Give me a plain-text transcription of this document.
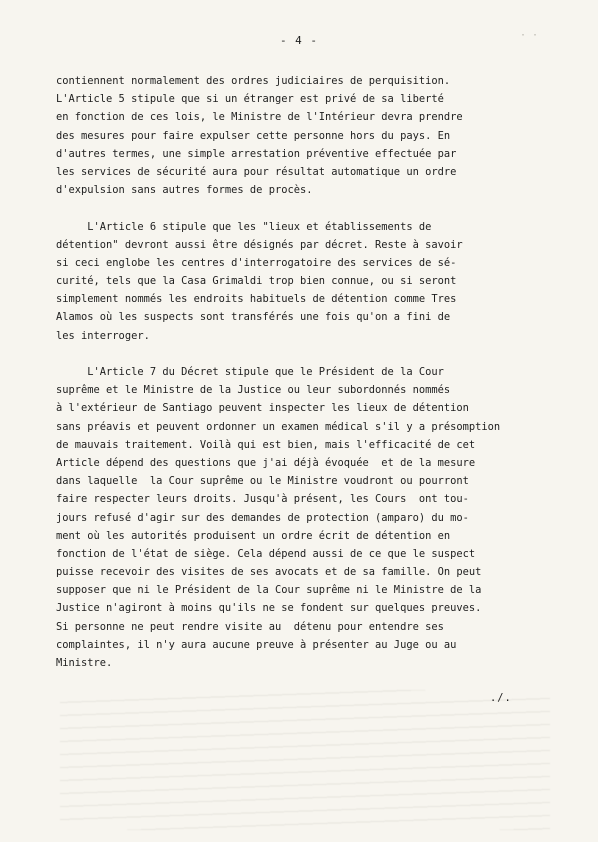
· ·
- 4 -
contiennent normalement des ordres judiciaires de perquisition.
L'Article 5 stipule que si un étranger est privé de sa liberté
en fonction de ces lois, le Ministre de l'Intérieur devra prendre
des mesures pour faire expulser cette personne hors du pays. En
d'autres termes, une simple arrestation préventive effectuée par
les services de sécurité aura pour résultat automatique un ordre
d'expulsion sans autres formes de procès.
L'Article 6 stipule que les "lieux et établissements de
détention" devront aussi être désignés par décret. Reste à savoir
si ceci englobe les centres d'interrogatoire des services de sé-
curité, tels que la Casa Grimaldi trop bien connue, ou si seront
simplement nommés les endroits habituels de détention comme Tres
Alamos où les suspects sont transférés une fois qu'on a fini de
les interroger.
L'Article 7 du Décret stipule que le Président de la Cour
suprême et le Ministre de la Justice ou leur subordonnés nommés
à l'extérieur de Santiago peuvent inspecter les lieux de détention
sans préavis et peuvent ordonner un examen médical s'il y a présomption
de mauvais traitement. Voilà qui est bien, mais l'efficacité de cet
Article dépend des questions que j'ai déjà évoquée  et de la mesure
dans laquelle  la Cour suprême ou le Ministre voudront ou pourront
faire respecter leurs droits. Jusqu'à présent, les Cours  ont tou-
jours refusé d'agir sur des demandes de protection (amparo) du mo-
ment où les autorités produisent un ordre écrit de détention en
fonction de l'état de siège. Cela dépend aussi de ce que le suspect
puisse recevoir des visites de ses avocats et de sa famille. On peut
supposer que ni le Président de la Cour suprême ni le Ministre de la
Justice n'agiront à moins qu'ils ne se fondent sur quelques preuves.
Si personne ne peut rendre visite au  détenu pour entendre ses
complaintes, il n'y aura aucune preuve à présenter au Juge ou au
Ministre.
./.
